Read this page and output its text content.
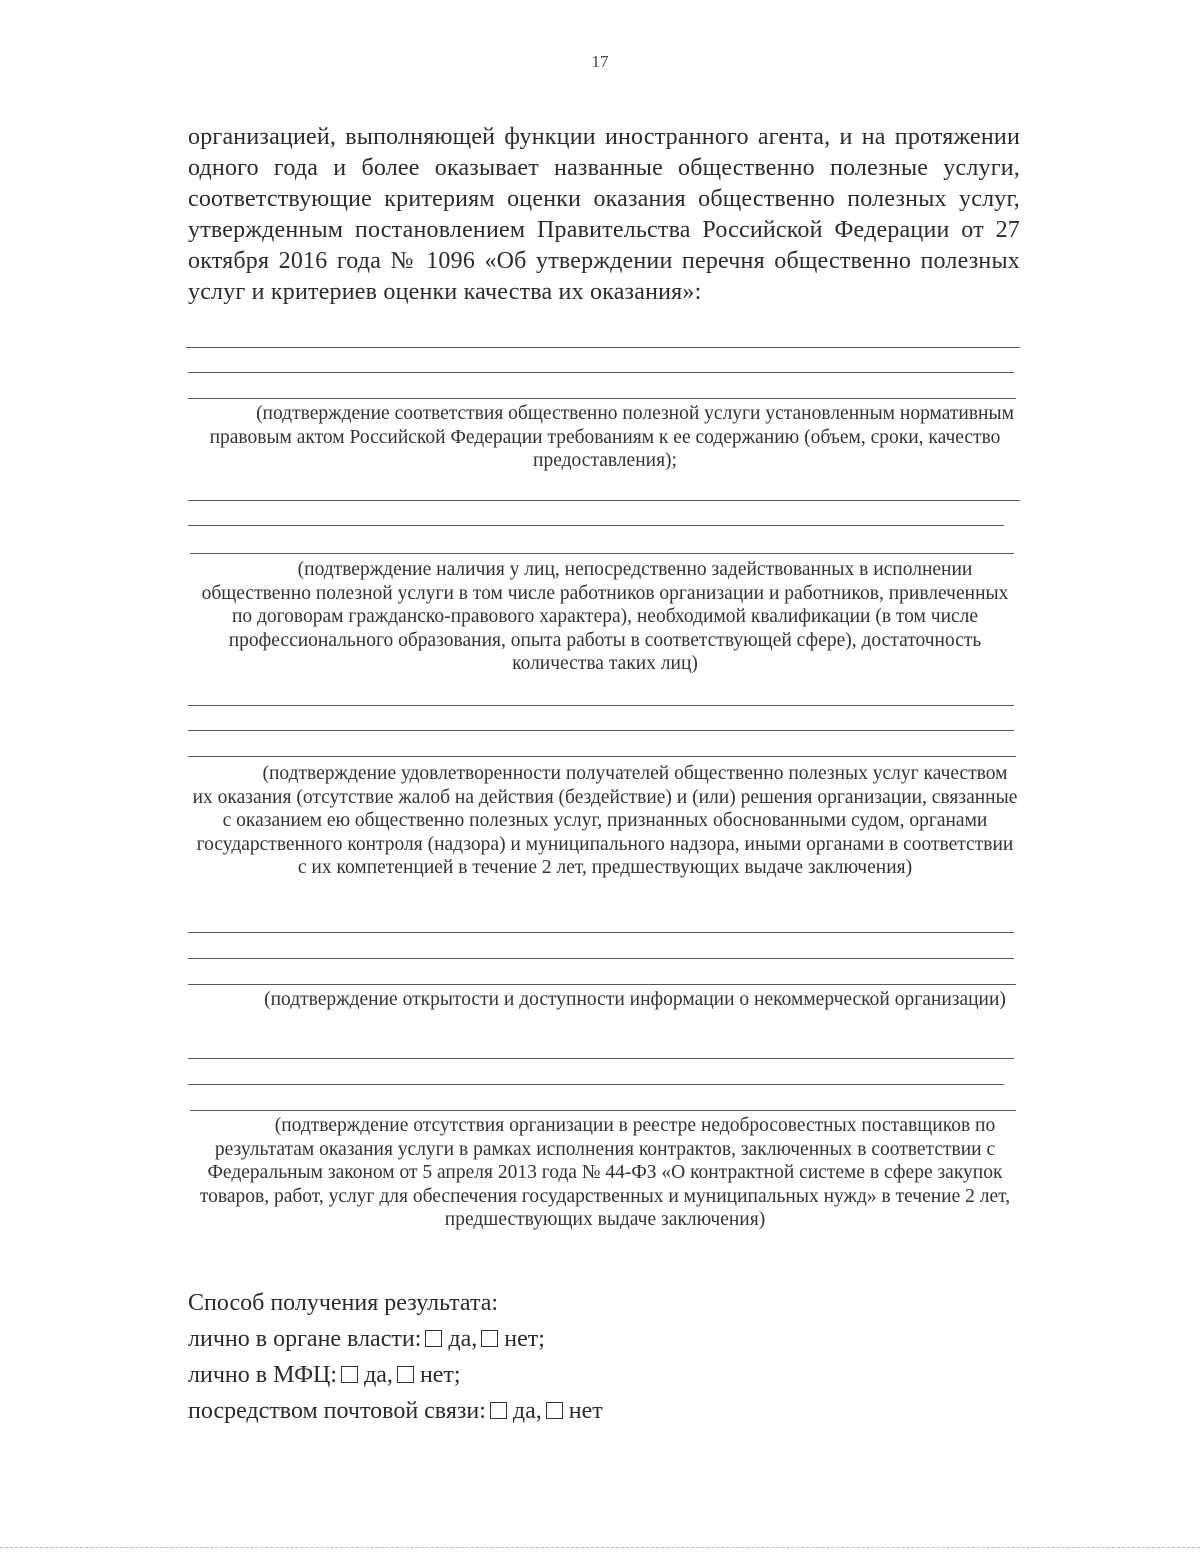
17

организацией, выполняющей функции иностранного агента, и на протяжении одного года и более оказывает названные общественно полезные услуги, соответствующие критериям оценки оказания общественно полезных услуг, утвержденным постановлением Правительства Российской Федерации от 27 октября 2016 года № 1096 «Об утверждении перечня общественно полезных услуг и критериев оценки качества их оказания»:

(подтверждение соответствия общественно полезной услуги установленным нормативным правовым актом Российской Федерации требованиям к ее содержанию (объем, сроки, качество предоставления);

(подтверждение наличия у лиц, непосредственно задействованных в исполнении общественно полезной услуги в том числе работников организации и работников, привлеченных по договорам гражданско-правового характера), необходимой квалификации (в том числе профессионального образования, опыта работы в соответствующей сфере), достаточность количества таких лиц)

(подтверждение удовлетворенности получателей общественно полезных услуг качеством их оказания (отсутствие жалоб на действия (бездействие) и (или) решения организации, связанные с оказанием ею общественно полезных услуг, признанных обоснованными судом, органами государственного контроля (надзора) и муниципального надзора, иными органами в соответствии с их компетенцией в течение 2 лет, предшествующих выдаче заключения)

(подтверждение открытости и доступности информации о некоммерческой организации)

(подтверждение отсутствия организации в реестре недобросовестных поставщиков по результатам оказания услуги в рамках исполнения контрактов, заключенных в соответствии с Федеральным законом от 5 апреля 2013 года № 44-ФЗ «О контрактной системе в сфере закупок товаров, работ, услуг для обеспечения государственных и муниципальных нужд» в течение 2 лет, предшествующих выдаче заключения)

Способ получения результата:
лично в органе власти: да, нет;
лично в МФЦ: да, нет;
посредством почтовой связи: да, нет
